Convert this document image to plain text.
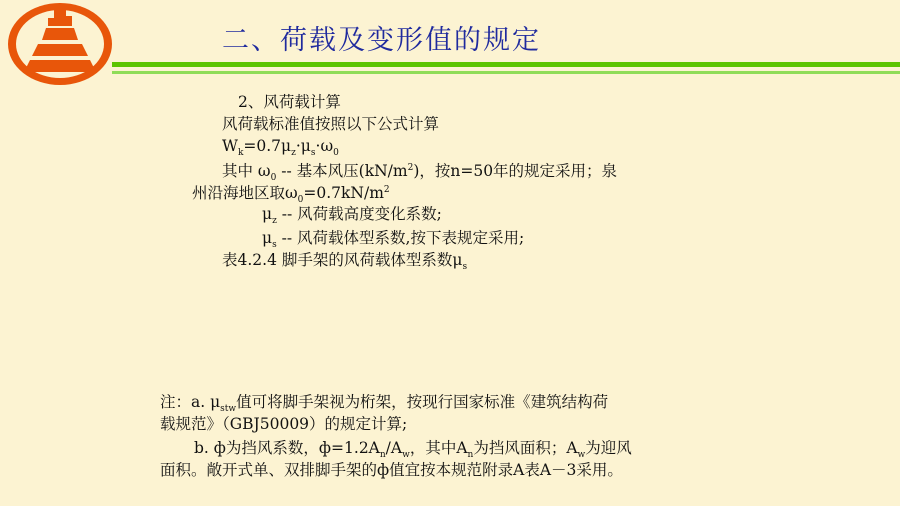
二、荷载及变形值的规定
2、风荷载计算
风荷载标准值按照以下公式计算
$W_k=0.7\mu_z\cdot\mu_s\cdot\omega_0$
其中 $\omega_0$ -- 基本风压$(kN/m^2)$，按n=50年的规定采用；泉
州沿海地区取$\omega_0=0.7kN/m^2$
$\mu_z$ -- 风荷载高度变化系数;
$\mu_s$ -- 风荷载体型系数,按下表规定采用;
表4.2.4 脚手架的风荷载体型系数$\mu_s$
注：a. $\mu_{stw}$值可将脚手架视为桁架，按现行国家标准《建筑结构荷
载规范》（GBJ50009）的规定计算;
b. ф为挡风系数，$ф=1.2A_n/A_w$，其中$A_n$为挡风面积；$A_w$为迎风
面积。敞开式单、双排脚手架的ф值宜按本规范附录A表A－3采用。
